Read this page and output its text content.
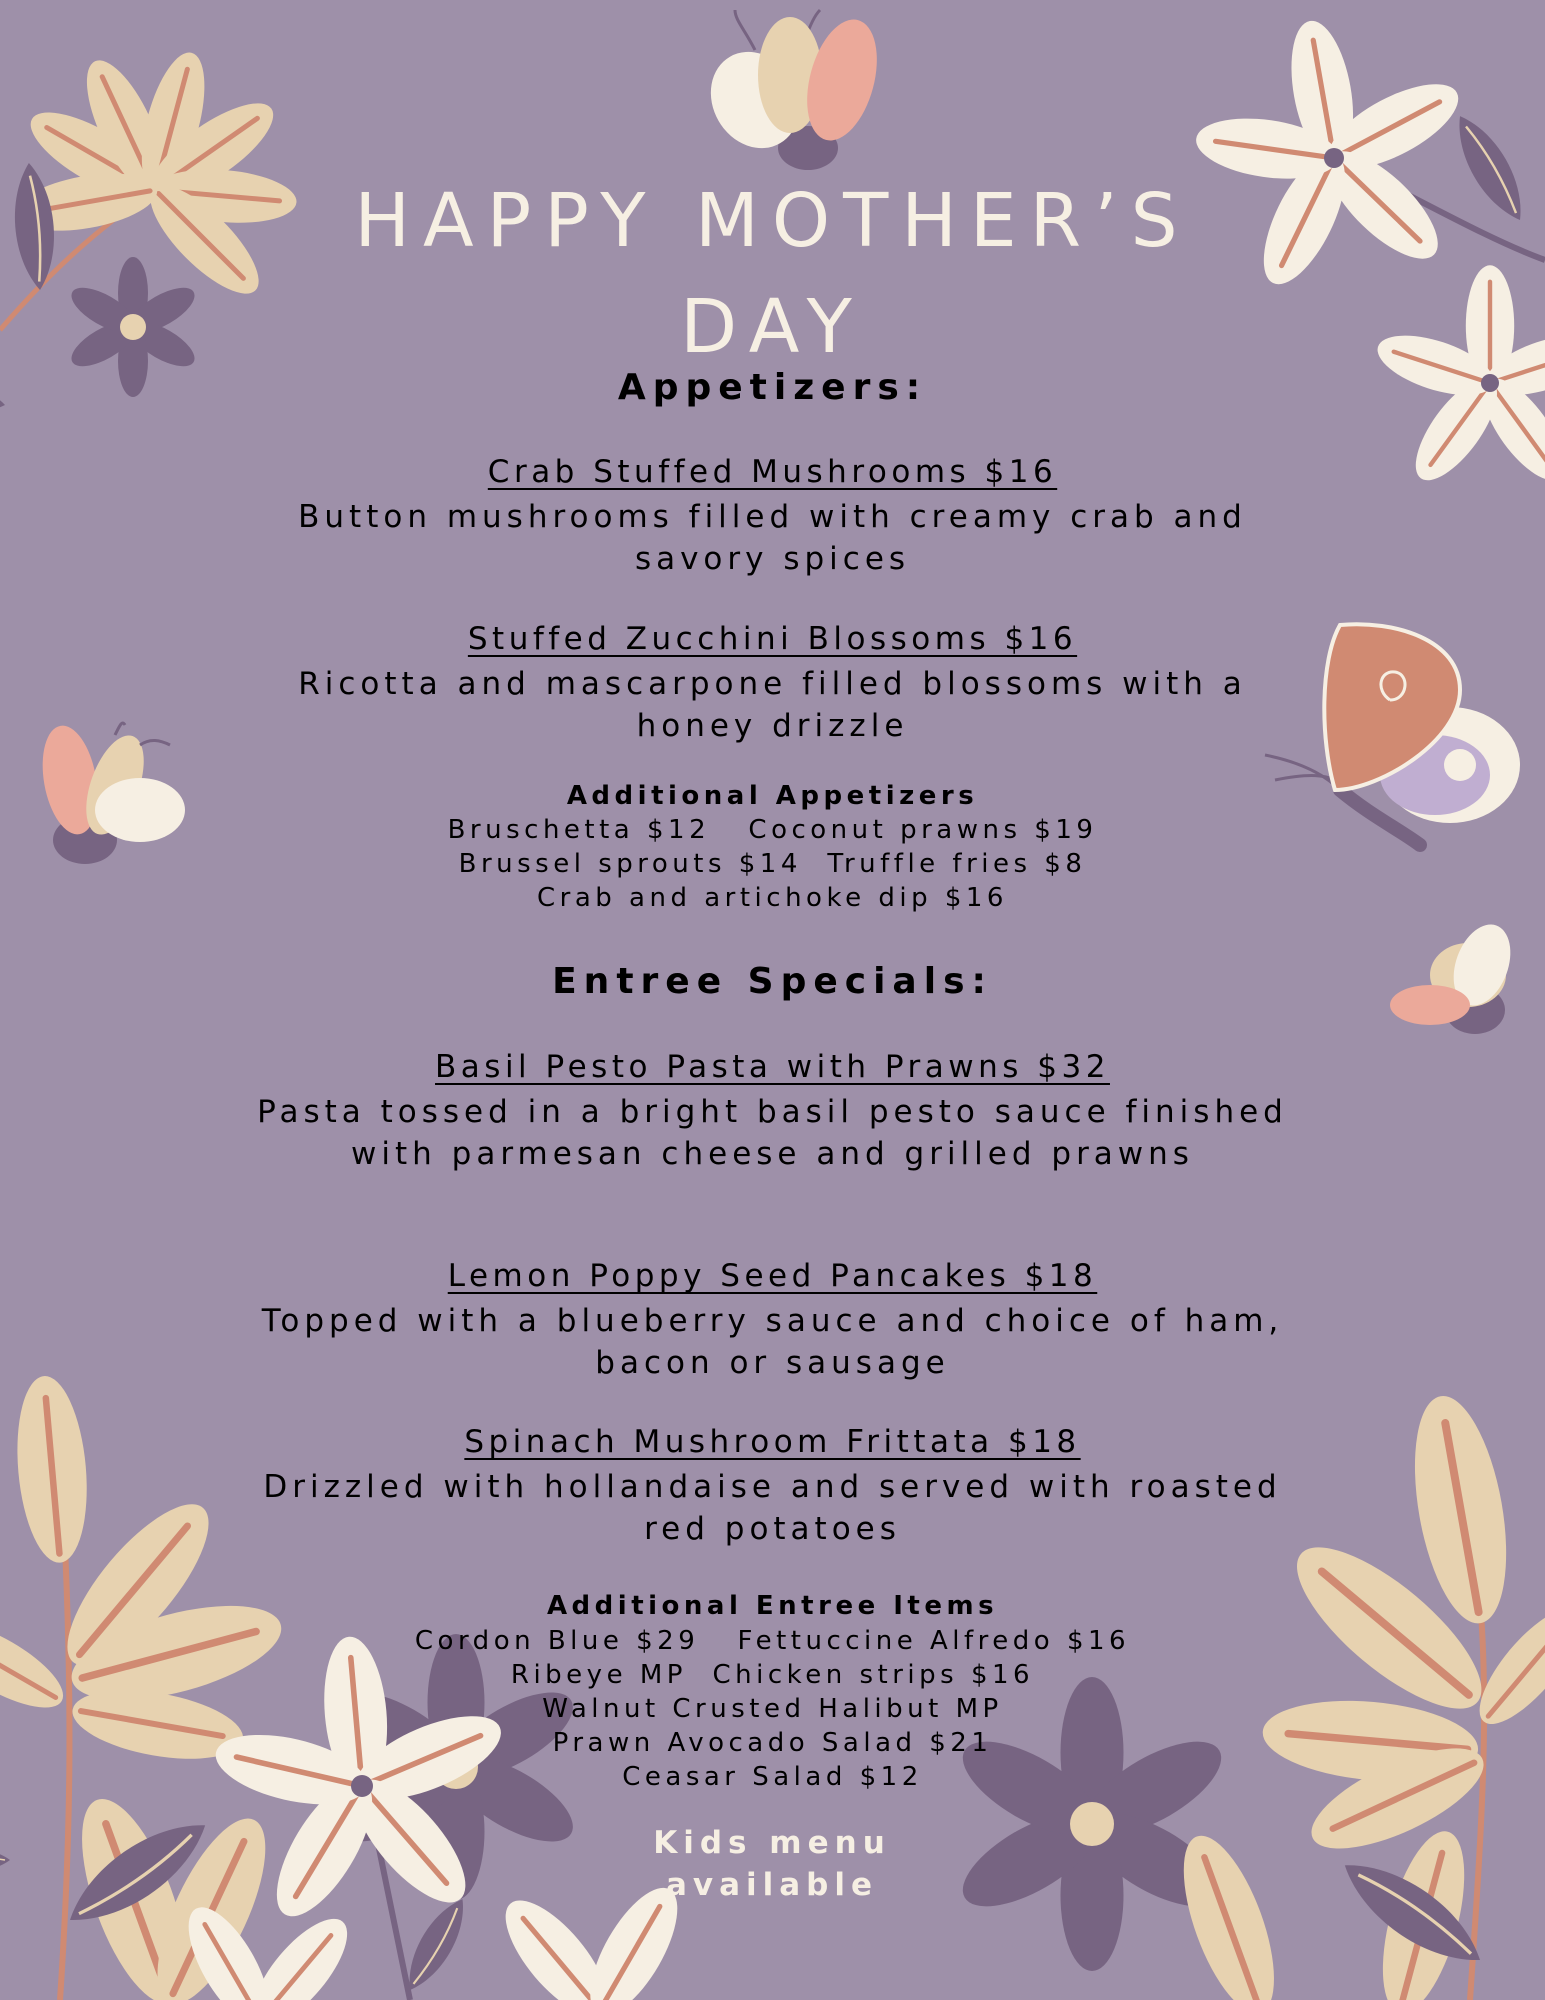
HAPPY MOTHER’S DAY
Appetizers:
Crab Stuffed Mushrooms $16
Button mushrooms filled with creamy crab and savory spices
Stuffed Zucchini Blossoms $16
Ricotta and mascarpone filled blossoms with a honey drizzle
Additional Appetizers
Bruschetta $12   Coconut prawns $19
Brussel sprouts $14  Truffle fries $8
Crab and artichoke dip $16
Entree Specials:
Basil Pesto Pasta with Prawns $32
Pasta tossed in a bright basil pesto sauce finished with parmesan cheese and grilled prawns
Lemon Poppy Seed Pancakes $18
Topped with a blueberry sauce and choice of ham, bacon or sausage
Spinach Mushroom Frittata $18
Drizzled with hollandaise and served with roasted red potatoes
Additional Entree Items
Cordon Blue $29   Fettuccine Alfredo $16
Ribeye MP  Chicken strips $16
Walnut Crusted Halibut MP
Prawn Avocado Salad $21
Ceasar Salad $12
Kids menu available
